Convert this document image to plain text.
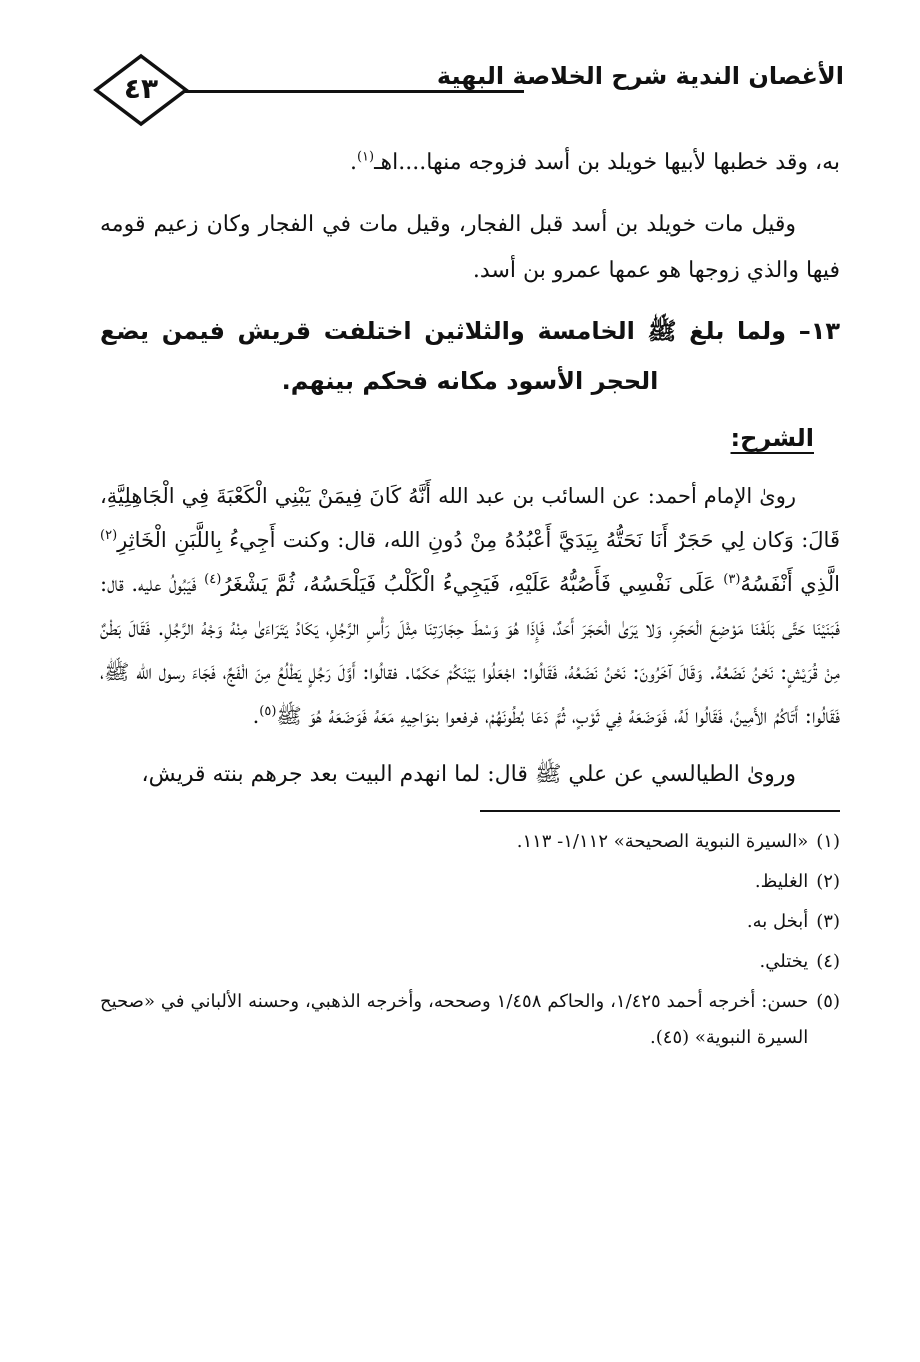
٤٣	الأغصان الندية شرح الخلاصة البهية

به، وقد خطبها لأبيها خويلد بن أسد فزوجه منها....اهـ$^{(١)}$.

وقيل مات خويلد بن أسد قبل الفجار، وقيل مات في الفجار وكان زعيم قومه فيها والذي زوجها هو عمها عمرو بن أسد.

١٣– ولما بلغ ﷺ الخامسة والثلاثين اختلفت قريش فيمن يضع الحجر الأسود مكانه فحكم بينهم.

الشرح:

روىٰ الإمام أحمد: عن السائب بن عبد الله أَنَّهُ كَانَ فِيمَنْ يَبْنِي الْكَعْبَةَ فِي الْجَاهِلِيَّةِ، قَالَ: وَكان لِي حَجَرٌ أَنَا نَحَتُّهُ بِيَدَيَّ أَعْبُدُهُ مِنْ دُونِ الله، قال: وكنت أَجِيءُ بِاللَّبَنِ الْخَاثِرِ$^{(٢)}$ الَّذِي أَنْفَسُهُ$^{(٣)}$ عَلَى نَفْسِي فَأَصُبُّهُ عَلَيْهِ، فَيَجِيءُ الْكَلْبُ فَيَلْحَسُهُ، ثُمَّ يَشْغَرُ$^{(٤)}$ فَيَبُولُ عليه. قال: فَبَنَيْنَا حَتَّى بَلَغْنَا مَوْضِعَ الْحَجَرِ، وَلا يَرَىٰ الْحَجَرَ أَحَدٌ، فَإِذَا هُوَ وَسْطَ حِجَارَتِنَا مِثْلَ رَأْسِ الرَّجُلِ، يَكَادُ يَتَرَاءَىٰ مِنْهُ وَجْهُ الرَّجُلِ. فَقَالَ بَطْنٌ مِنْ قُرَيْشٍ: نَحْنُ نَضَعُهُ. وَقَالَ آخَرُونَ: نَحْنُ نَضَعُهُ، فَقَالُوا: اجْعَلُوا بَيْنَكُمْ حَكَمًا. فقالُوا: أَوَّلَ رَجُلٍ يَطْلُعُ مِنَ الْفَجِّ، فَجَاءَ رسول الله ﷺ، فَقَالُوا: أَتَاكُمُ الأَمِينُ، فَقَالُوا لَهُ، فَوَضَعَهُ فِي ثَوْبٍ، ثُمَّ دَعَا بُطُونَهُمْ، فرفعوا بنوَاحِيهِ مَعَهُ فَوَضَعَهُ هُوَ ﷺ$^{(٥)}$.

وروىٰ الطيالسي عن علي ﷺ قال: لما انهدم البيت بعد جرهم بنته قريش،

(١)
«السيرة النبوية الصحيحة» ١/١١٢- ١١٣.
(٢)
الغليظ.
(٣)
أبخل به.
(٤)
يختلي.
(٥)
حسن: أخرجه أحمد ١/٤٢٥، والحاكم ١/٤٥٨ وصححه، وأخرجه الذهبي، وحسنه الألباني في «صحيح السيرة النبوية» (٤٥).
